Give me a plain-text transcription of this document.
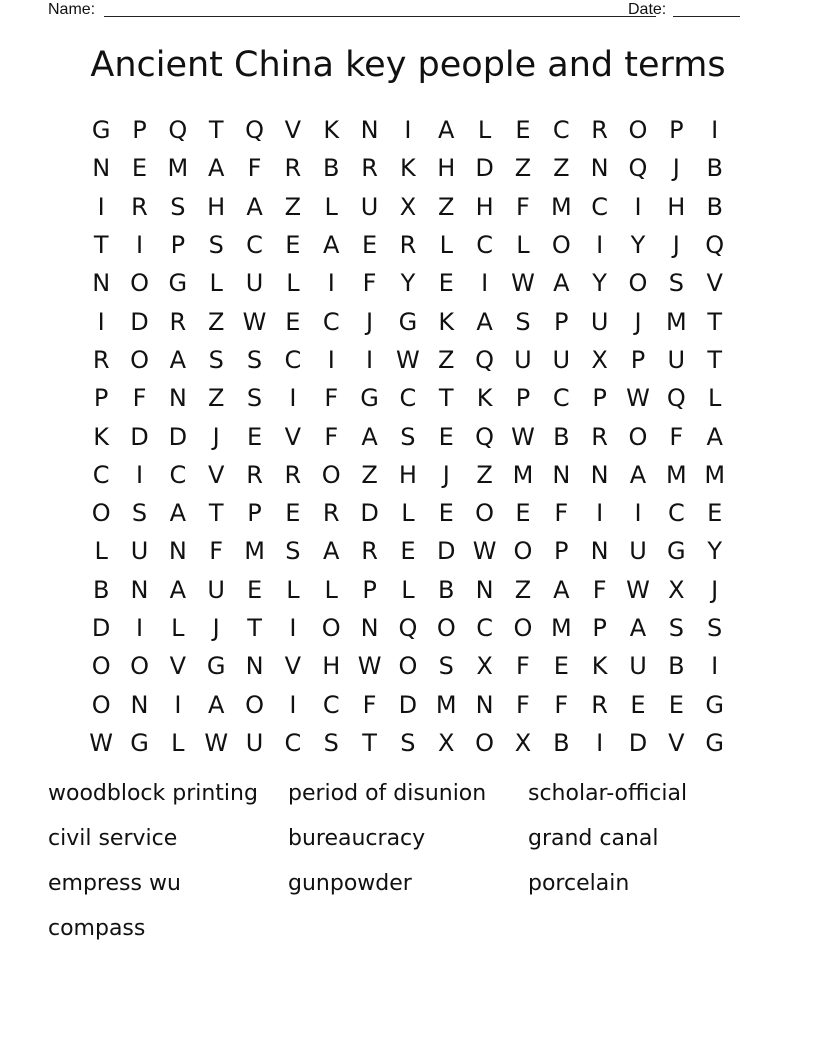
Name:	Date:
Ancient China key people and terms
G P Q T Q V K N	I	A L	E C R O P	I
N E M A F R B R K H D Z Z N Q	J	B
I	R S H A Z L U X Z H F M C	I	H B
T	I	P S C E A E R L C L O	I	Y	J	Q
N O G L U L	I	F	Y E	I W A Y O S V
I	D R Z W E C	J	G K A S P U	J	M T
R O A S S C	I	I W Z Q U U X P U T
P	F N Z S	I	F G C T K P C P W Q L
K D D	J	E V F A S E Q W B R O F A
C	I	C V R R O Z H	J	Z M N N A M M
O S A T P E R D L	E O E F	I	I	C E
L U N F M S A R E D W O P N U G Y
B N A U E	L	L	P	L B N Z A F W X	J
D	I	L	J	T	I	O N Q O C O M P A S S
O O V G N V H W O S X F E K U B	I
O N	I	A O	I	C F D M N F	F R E E G
W G L W U C S T S X O X B	I	D V G
woodblock printing	period of disunion	scholar-official
civil service	bureaucracy	grand canal
empress wu	gunpowder	porcelain
compass
